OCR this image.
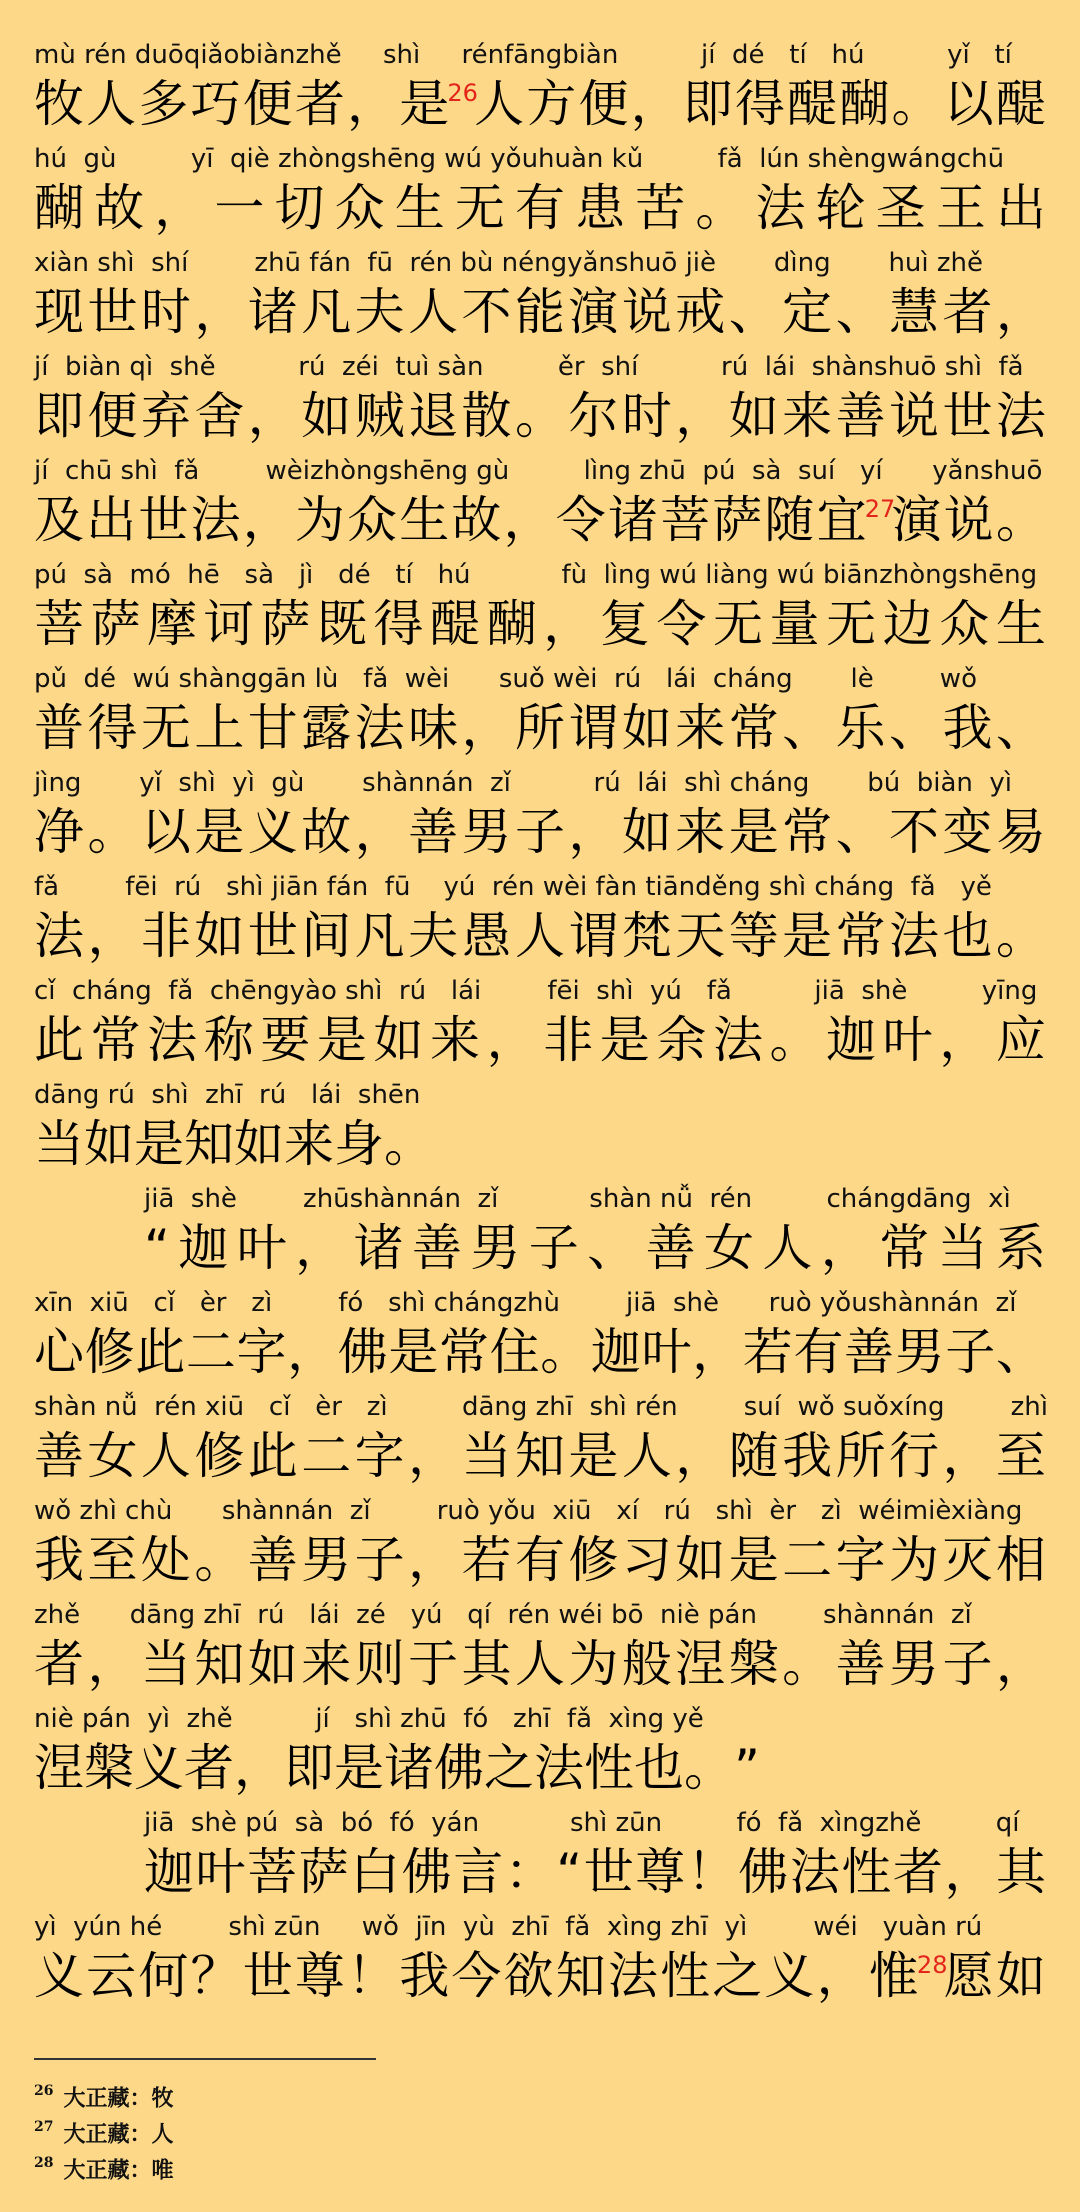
mù rén duōqiǎobiànzhě     shì     rénfāngbiàn          jí  dé   tí   hú          yǐ   tí
牧 人 多 巧 便 者 ， 是
26
人 方 便 ， 即 得 醍 醐 。 以 醍
hú  gù         yī  qiè zhòngshēng wú yǒuhuàn kǔ         fǎ  lún shèngwángchū
醐 故 ， 一 切 众 生 无 有 患 苦 。 法 轮 圣 王 出
xiàn shì  shí        zhū fán  fū  rén bù néngyǎnshuō jiè       dìng       huì zhě
现 世 时 ， 诸 凡 夫 人 不 能 演 说 戒 、 定 、 慧 者 ，
jí  biàn qì  shě          rú  zéi  tuì sàn         ěr  shí          rú  lái  shànshuō shì  fǎ
即 便 弃 舍 ， 如 贼 退 散 。 尔 时 ， 如 来 善 说 世 法
jí  chū shì  fǎ        wèizhòngshēng gù         lìng zhū  pú  sà  suí   yí      yǎnshuō
及 出 世 法 ， 为 众 生 故 ， 令 诸 菩 萨 随 宜
27
演 说 。
pú  sà  mó  hē   sà   jì   dé   tí   hú           fù  lìng wú liàng wú biānzhòngshēng
菩 萨 摩 诃 萨 既 得 醍 醐 ， 复 令 无 量 无 边 众 生
pǔ  dé  wú shànggān lù   fǎ  wèi      suǒ wèi  rú   lái  cháng       lè        wǒ
普 得 无 上 甘 露 法 味 ， 所 谓 如 来 常 、 乐 、 我 、
jìng       yǐ  shì  yì  gù       shànnán  zǐ          rú  lái  shì cháng       bú  biàn  yì
净 。 以 是 义 故 ， 善 男 子 ， 如 来 是 常 、 不 变 易
fǎ        fēi  rú   shì jiān fán  fū    yú  rén wèi fàn tiānděng shì cháng  fǎ   yě
法 ， 非 如 世 间 凡 夫 愚 人 谓 梵 天 等 是 常 法 也 。
cǐ  cháng  fǎ  chēngyào shì  rú   lái        fēi  shì  yú   fǎ          jiā  shè         yīng
此 常 法 称 要 是 如 来 ， 非 是 余 法 。 迦 叶 ， 应
dāng rú  shì  zhī  rú   lái  shēn
当 如 是 知 如 来 身 。
jiā  shè        zhūshànnán  zǐ           shàn nǚ  rén         chángdāng  xì
“ 迦 叶 ， 诸 善 男 子 、 善 女 人 ， 常 当 系
xīn  xiū   cǐ   èr   zì        fó   shì chángzhù        jiā  shè      ruò yǒushànnán  zǐ
心 修 此 二 字 ， 佛 是 常 住 。 迦 叶 ， 若 有 善 男 子 、
shàn nǚ  rén xiū   cǐ   èr   zì         dāng zhī  shì rén        suí  wǒ suǒxíng        zhì
善 女 人 修 此 二 字 ， 当 知 是 人 ， 随 我 所 行 ， 至
wǒ zhì chù      shànnán  zǐ        ruò yǒu  xiū   xí   rú   shì  èr   zì  wéimièxiàng
我 至 处 。 善 男 子 ， 若 有 修 习 如 是 二 字 为 灭 相
zhě      dāng zhī  rú   lái  zé   yú   qí  rén wéi bō  niè pán        shànnán  zǐ
者 ， 当 知 如 来 则 于 其 人 为 般 涅 槃 。 善 男 子 ，
niè pán  yì  zhě          jí   shì zhū  fó   zhī  fǎ  xìng yě
涅 槃 义 者 ， 即 是 诸 佛 之 法 性 也 。 ”
jiā  shè pú  sà  bó  fó  yán           shì zūn         fó  fǎ  xìngzhě         qí
迦 叶 菩 萨 白 佛 言 ： “ 世 尊 ！ 佛 法 性 者 ， 其
yì  yún hé        shì zūn     wǒ  jīn  yù  zhī  fǎ  xìng zhī  yì        wéi   yuàn rú
义 云 何 ？ 世 尊 ！ 我 今 欲 知 法 性 之 义 ， 惟
28
愿 如
$^{26}$ 大正藏：牧
$^{27}$ 大正藏：人
$^{28}$ 大正藏：唯
